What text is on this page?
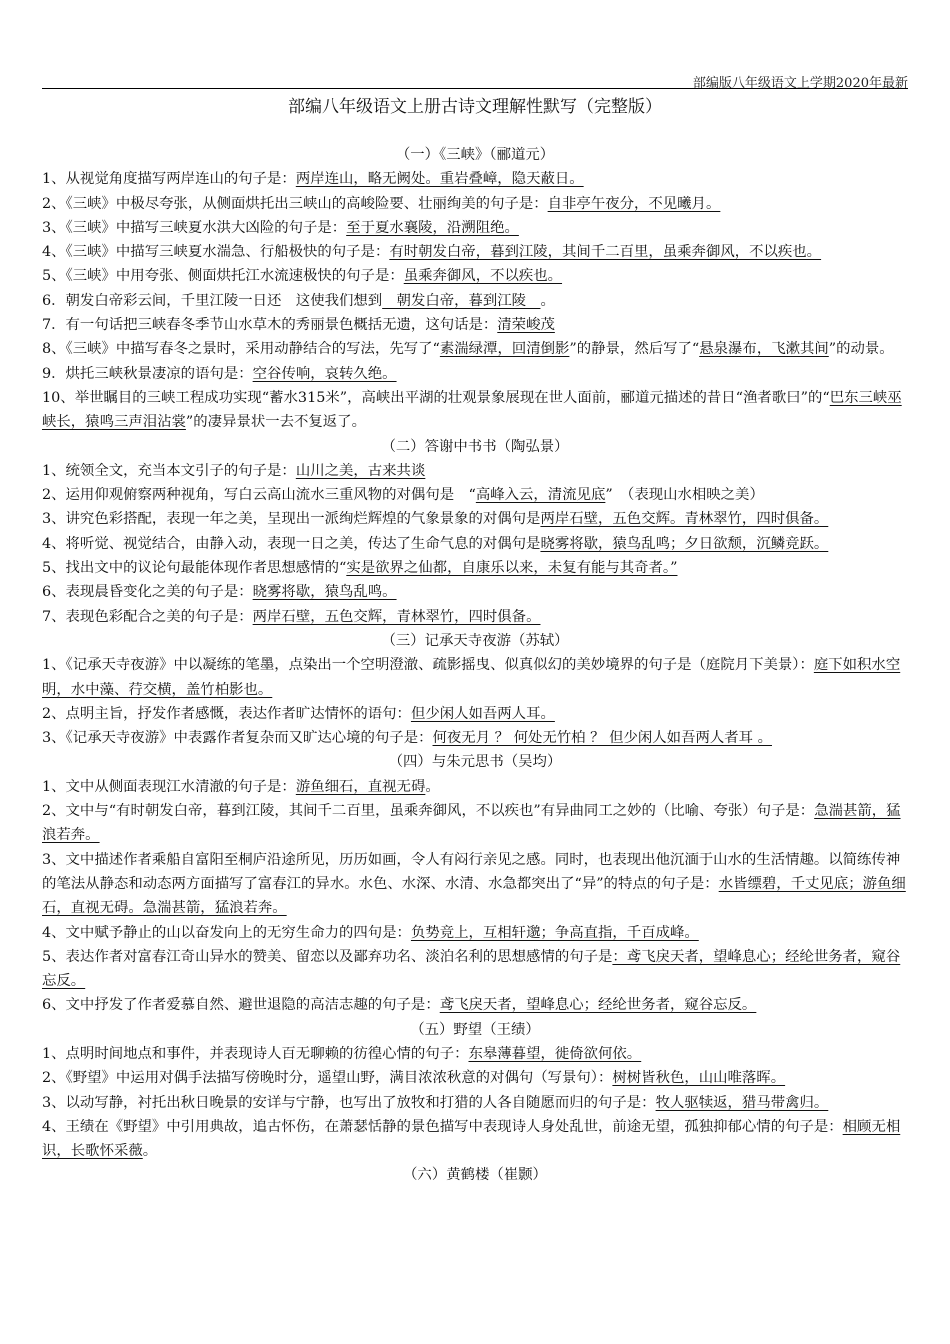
部编版八年级语文上学期2020年最新
部编八年级语文上册古诗文理解性默写（完整版）
（一）《三峡》（郦道元）
1、从视觉角度描写两岸连山的句子是：两岸连山，略无阙处。重岩叠嶂，隐天蔽日。
2、《三峡》中极尽夸张，从侧面烘托出三峡山的高峻险要、壮丽绚美的句子是：自非亭午夜分，不见曦月。
3、《三峡》中描写三峡夏水洪大凶险的句子是：至于夏水襄陵，沿溯阻绝。
4、《三峡》中描写三峡夏水湍急、行船极快的句子是：有时朝发白帝，暮到江陵，其间千二百里，虽乘奔御风，不以疾也。
5、《三峡》中用夸张、侧面烘托江水流速极快的句子是：虽乘奔御风，不以疾也。
6．朝发白帝彩云间，千里江陵一日还　这使我们想到　朝发白帝，暮到江陵　。
7．有一句话把三峡春冬季节山水草木的秀丽景色概括无遗，这句话是：清荣峻茂
8、《三峡》中描写春冬之景时，采用动静结合的写法，先写了“素湍绿潭，回清倒影”的静景，然后写了“悬泉瀑布，飞漱其间”的动景。
9．烘托三峡秋景凄凉的语句是：空谷传响，哀转久绝。
10、举世瞩目的三峡工程成功实现“蓄水315米”，高峡出平湖的壮观景象展现在世人面前，郦道元描述的昔日“渔者歌曰”的“巴东三峡巫峡长，猿鸣三声泪沾裳”的凄异景状一去不复返了。
（二）答谢中书书（陶弘景）
1、统领全文，充当本文引子的句子是：山川之美，古来共谈
2、运用仰观俯察两种视角，写白云高山流水三重风物的对偶句是　“高峰入云，清流见底”　（表现山水相映之美）
3、讲究色彩搭配，表现一年之美，呈现出一派绚烂辉煌的气象景象的对偶句是两岸石壁，五色交辉。青林翠竹，四时俱备。
4、将听觉、视觉结合，由静入动，表现一日之美，传达了生命气息的对偶句是晓雾将歇，猿鸟乱鸣；夕日欲颓，沉鳞竞跃。
5、找出文中的议论句最能体现作者思想感情的“实是欲界之仙都，自康乐以来，未复有能与其奇者。”
6、表现晨昏变化之美的句子是：晓雾将歇，猿鸟乱鸣。
7、表现色彩配合之美的句子是：两岸石壁，五色交辉，青林翠竹，四时俱备。
（三）记承天寺夜游（苏轼）
1、《记承天寺夜游》中以凝练的笔墨，点染出一个空明澄澈、疏影摇曳、似真似幻的美妙境界的句子是（庭院月下美景）：庭下如积水空明，水中藻、荇交横，盖竹柏影也。
2、点明主旨，抒发作者感慨，表达作者旷达情怀的语句：但少闲人如吾两人耳。
3、《记承天寺夜游》中表露作者复杂而又旷达心境的句子是：何夜无月 ？ 何处无竹柏 ？ 但少闲人如吾两人者耳 。
（四）与朱元思书（吴均）
1、文中从侧面表现江水清澈的句子是：游鱼细石，直视无碍。
2、文中与“有时朝发白帝，暮到江陵，其间千二百里，虽乘奔御风，不以疾也”有异曲同工之妙的（比喻、夸张）句子是：急湍甚箭，猛浪若奔。
3、文中描述作者乘船自富阳至桐庐沿途所见，历历如画，令人有闷行亲见之感。同时，也表现出他沉湎于山水的生活情趣。以简练传神的笔法从静态和动态两方面描写了富春江的异水。水色、水深、水清、水急都突出了“异”的特点的句子是：水皆缥碧，千丈见底；游鱼细石，直视无碍。急湍甚箭，猛浪若奔。
4、文中赋予静止的山以奋发向上的无穷生命力的四句是：负势竞上，互相轩邈；争高直指，千百成峰。
5、表达作者对富春江奇山异水的赞美、留恋以及鄙弃功名、淡泊名利的思想感情的句子是：鸢飞戾天者，望峰息心；经纶世务者，窥谷忘反。
6、文中抒发了作者爱慕自然、避世退隐的高洁志趣的句子是：鸢飞戾天者，望峰息心；经纶世务者，窥谷忘反。
（五）野望（王绩）
1、点明时间地点和事件，并表现诗人百无聊赖的彷徨心情的句子：东皋薄暮望，徙倚欲何依。
2、《野望》中运用对偶手法描写傍晚时分，遥望山野，满目浓浓秋意的对偶句（写景句）：树树皆秋色，山山唯落晖。
3、以动写静，衬托出秋日晚景的安详与宁静，也写出了放牧和打猎的人各自随愿而归的句子是：牧人驱犊返，猎马带禽归。
4、王绩在《野望》中引用典故，追古怀伤，在萧瑟恬静的景色描写中表现诗人身处乱世，前途无望，孤独抑郁心情的句子是：相顾无相识，长歌怀采薇。
（六）黄鹤楼（崔颢）
